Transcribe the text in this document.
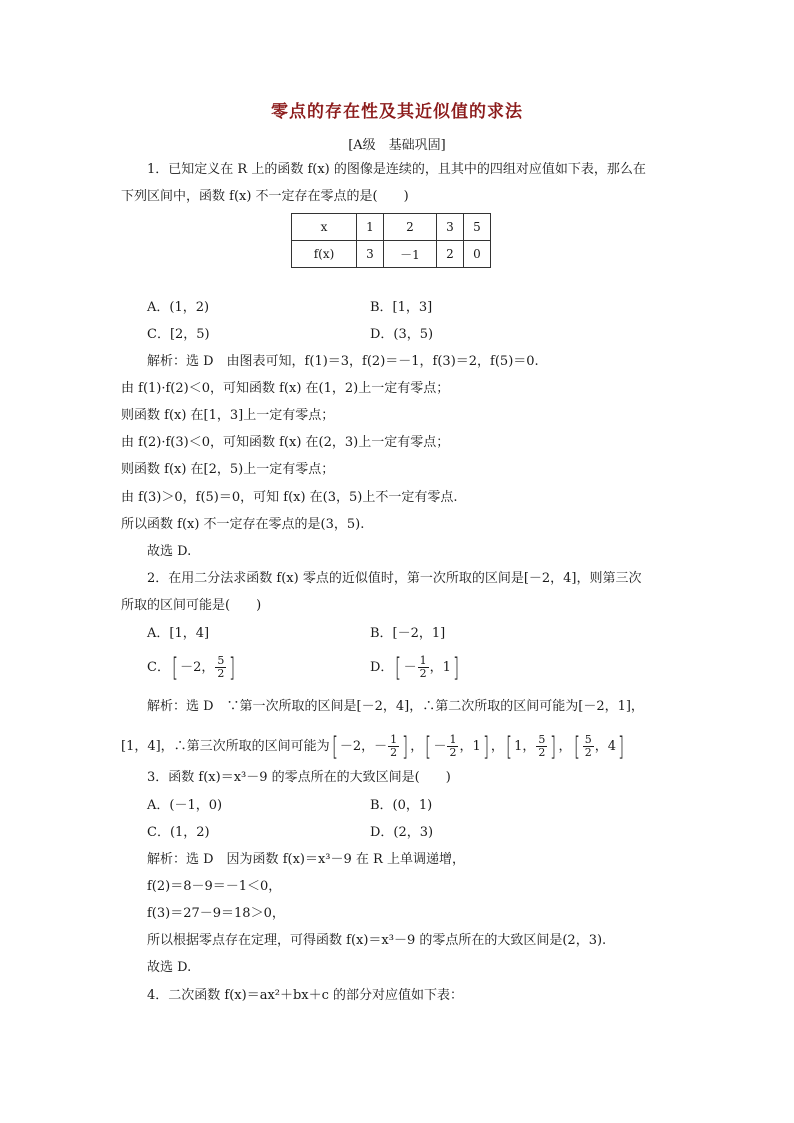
零点的存在性及其近似值的求法
[A级　基础巩固]
1．已知定义在 R 上的函数 f(x) 的图像是连续的，且其中的四组对应值如下表，那么在
下列区间中，函数 f(x) 不一定存在零点的是(　　)
x	1	2	3	5
f(x)	3	－1	2	0
A．(1，2)	B．[1，3]
C．[2，5)	D．(3，5)
解析：选 D　由图表可知，f(1)＝3，f(2)＝－1，f(3)＝2，f(5)＝0.
由 f(1)·f(2)＜0，可知函数 f(x) 在(1，2)上一定有零点；
则函数 f(x) 在[1，3]上一定有零点；
由 f(2)·f(3)＜0，可知函数 f(x) 在(2，3)上一定有零点；
则函数 f(x) 在[2，5)上一定有零点；
由 f(3)＞0，f(5)＝0，可知 f(x) 在(3，5)上不一定有零点.
所以函数 f(x) 不一定存在零点的是(3，5).
故选 D.
2．在用二分法求函数 f(x) 零点的近似值时，第一次所取的区间是[－2，4]，则第三次
所取的区间可能是(　　)
A．[1，4]	B．[－2，1]
C．[ －2， $\frac{5}{2}$ ]	D．[ － $\frac{1}{2}$ ，1]
解析：选 D　∵第一次所取的区间是[－2，4]，∴第二次所取的区间可能为[－2，1]，
[1，4]，∴第三次所取的区间可能为[ －2，－ $\frac{1}{2}$ ] ，[ － $\frac{1}{2}$ ，1] ，[ 1， $\frac{5}{2}$ ] ，[ $\frac{5}{2}$ ，4]
3．函数 f(x)＝x³－9 的零点所在的大致区间是(　　)
A．(－1，0)	B．(0，1)
C．(1，2)	D．(2，3)
解析：选 D　因为函数 f(x)＝x³－9 在 R 上单调递增，
f(2)＝8－9＝－1＜0，
f(3)＝27－9＝18＞0，
所以根据零点存在定理，可得函数 f(x)＝x³－9 的零点所在的大致区间是(2，3).
故选 D.
4．二次函数 f(x)＝ax²＋bx＋c 的部分对应值如下表：
